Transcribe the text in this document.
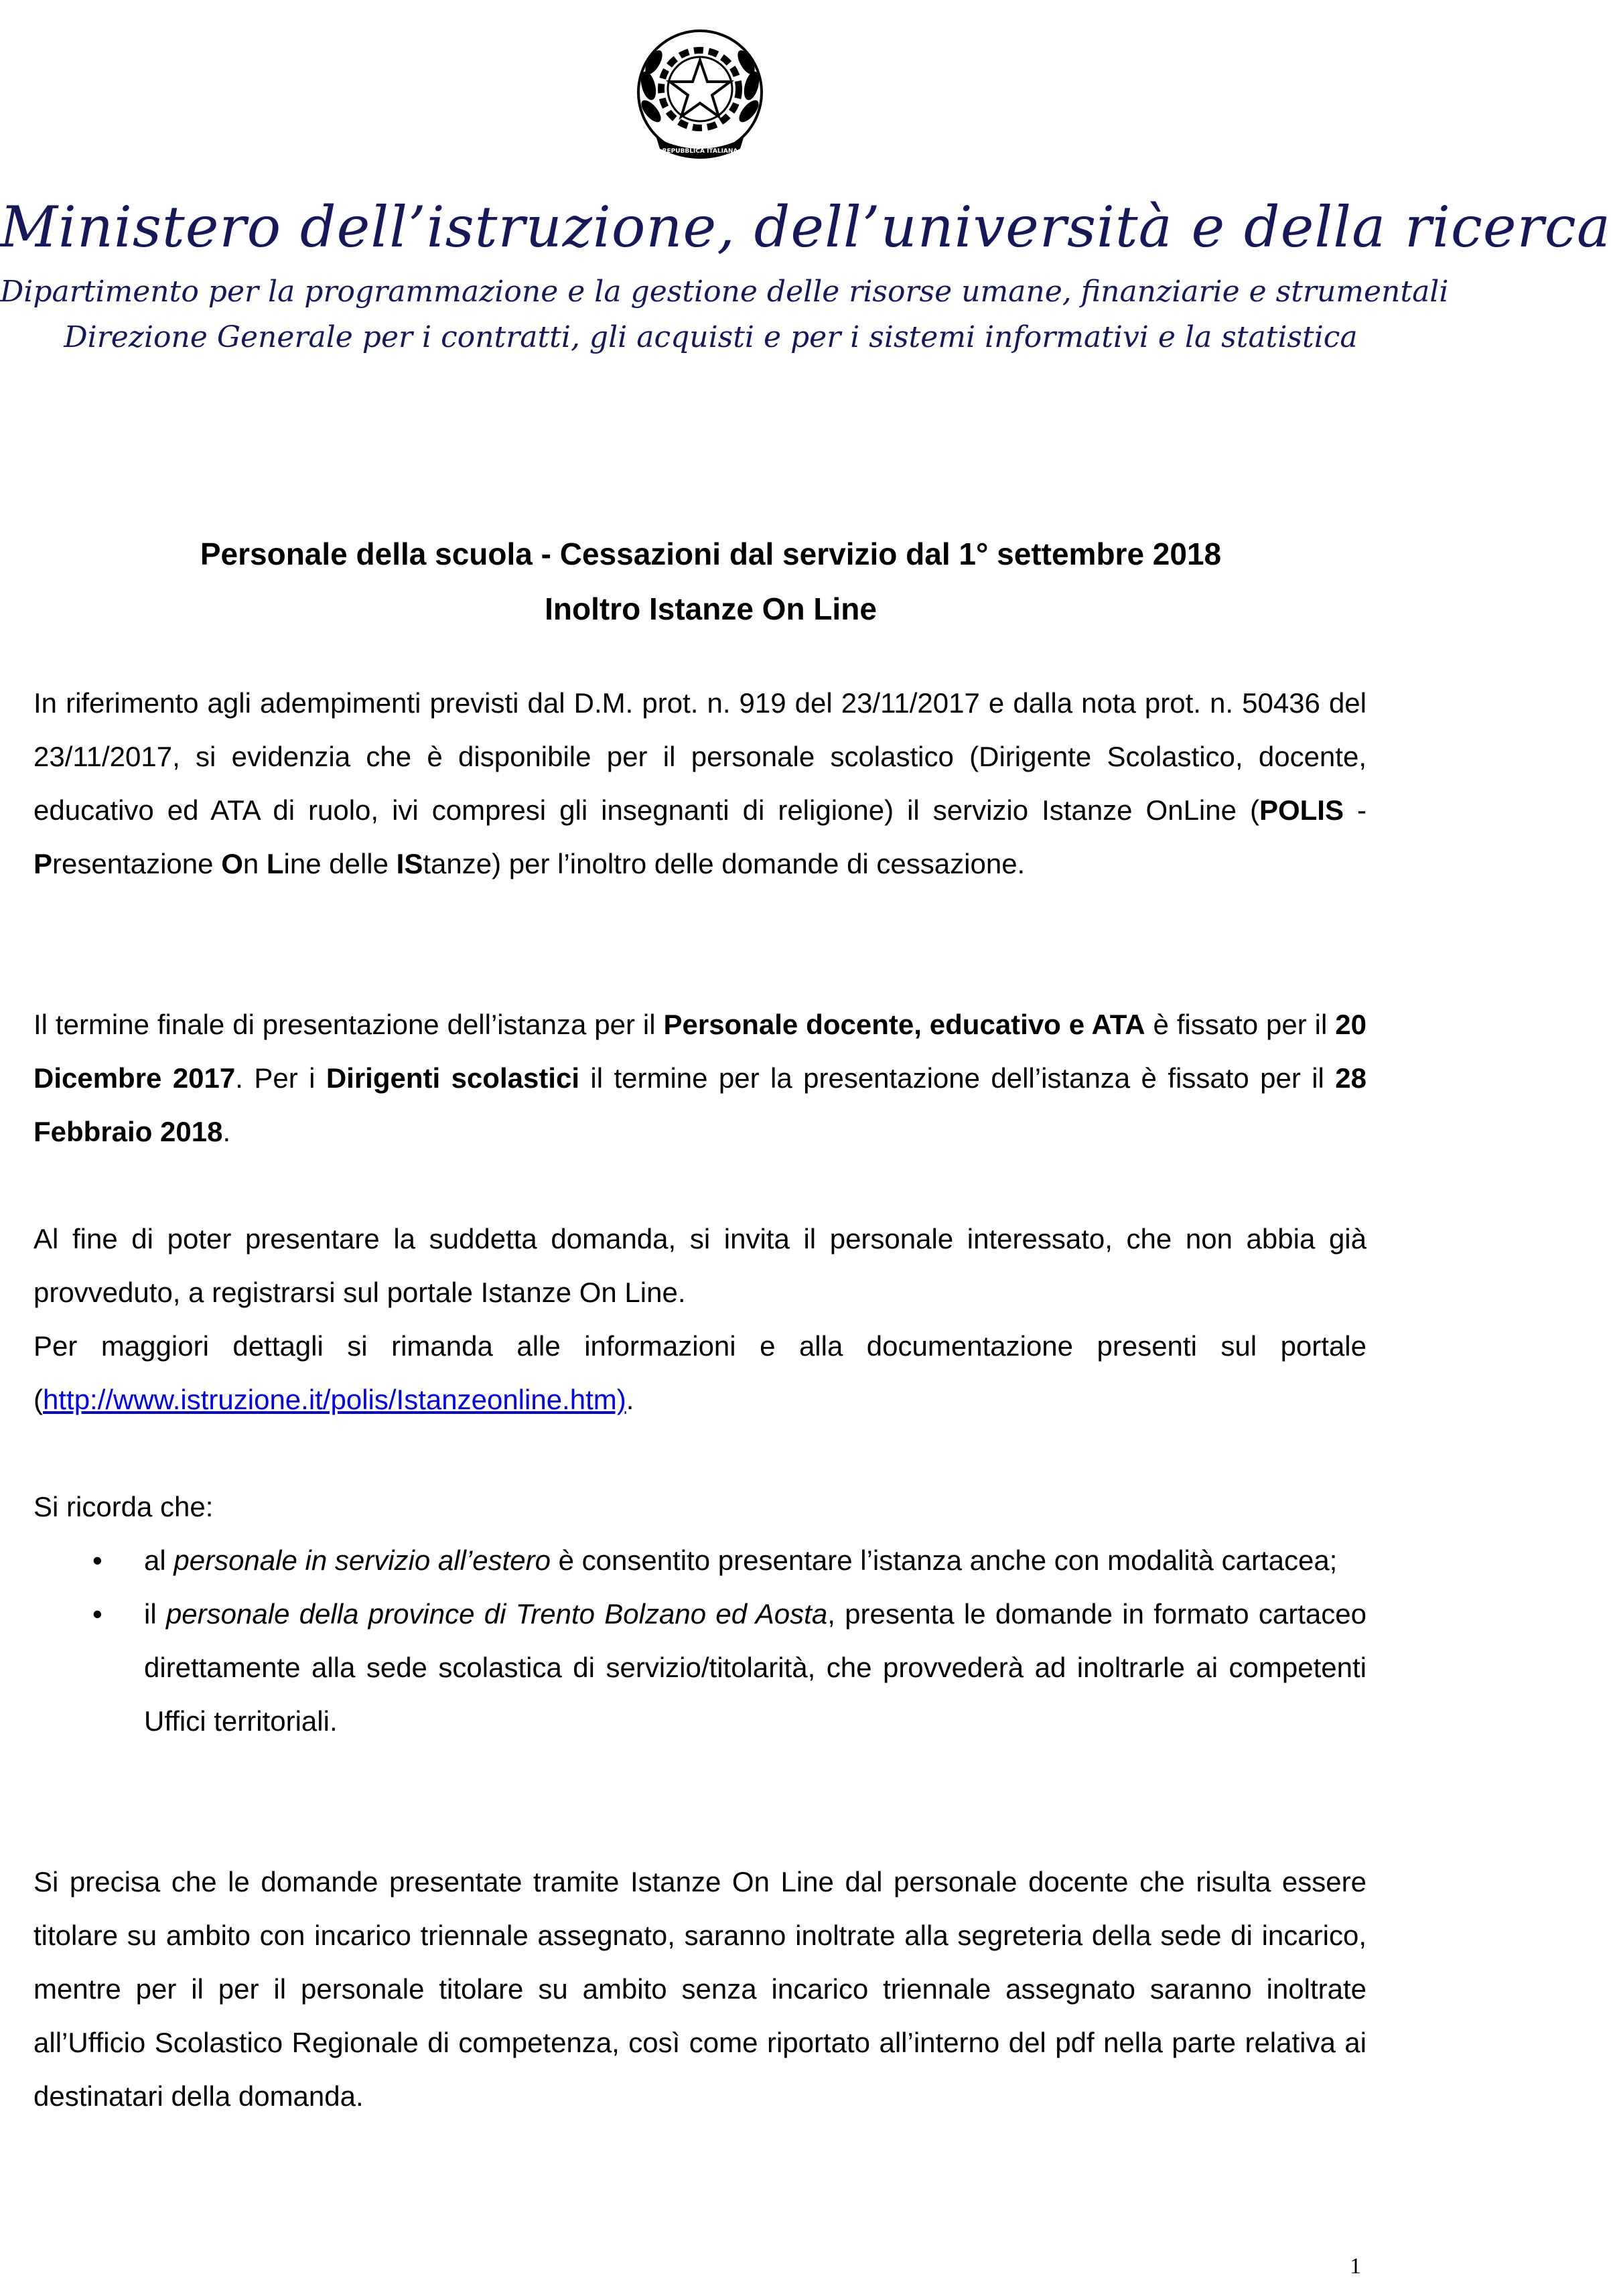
REPUBBLICA ITALIANA
Ministero dell’istruzione, dell’università e della ricerca
Dipartimento per la programmazione e la gestione delle risorse umane, finanziarie e strumentali
Direzione Generale per i contratti, gli acquisti e per i sistemi informativi e la statistica
Personale della scuola - Cessazioni dal servizio dal 1° settembre 2018
Inoltro Istanze On Line

In riferimento agli adempimenti previsti dal D.M. prot. n. 919 del 23/11/2017 e dalla nota prot. n. 50436 del 23/11/2017, si evidenzia che è disponibile per il personale scolastico (Dirigente Scolastico, docente, educativo ed ATA di ruolo, ivi compresi gli insegnanti di religione) il servizio Istanze OnLine (POLIS - Presentazione On Line delle IStanze) per l’inoltro delle domande di cessazione.

Il termine finale di presentazione dell’istanza per il Personale docente, educativo e ATA è fissato per il 20 Dicembre 2017. Per i Dirigenti scolastici il termine per la presentazione dell’istanza è fissato per il 28 Febbraio 2018.

Al fine di poter presentare la suddetta domanda, si invita il personale interessato, che non abbia già provveduto, a registrarsi sul portale Istanze On Line.

Per maggiori dettagli si rimanda alle informazioni e alla documentazione presenti sul portale (http://www.istruzione.it/polis/Istanzeonline.htm).

Si ricorda che:
• al personale in servizio all’estero è consentito presentare l’istanza anche con modalità cartacea;
• il personale della province di Trento Bolzano ed Aosta, presenta le domande in formato cartaceo direttamente alla sede scolastica di servizio/titolarità, che provvederà ad inoltrarle ai competenti Uffici territoriali.

Si precisa che le domande presentate tramite Istanze On Line dal personale docente che risulta essere titolare su ambito con incarico triennale assegnato, saranno inoltrate alla segreteria della sede di incarico, mentre per il per il personale titolare su ambito senza incarico triennale assegnato saranno inoltrate all’Ufficio Scolastico Regionale di competenza, così come riportato all’interno del pdf nella parte relativa ai destinatari della domanda.

1
